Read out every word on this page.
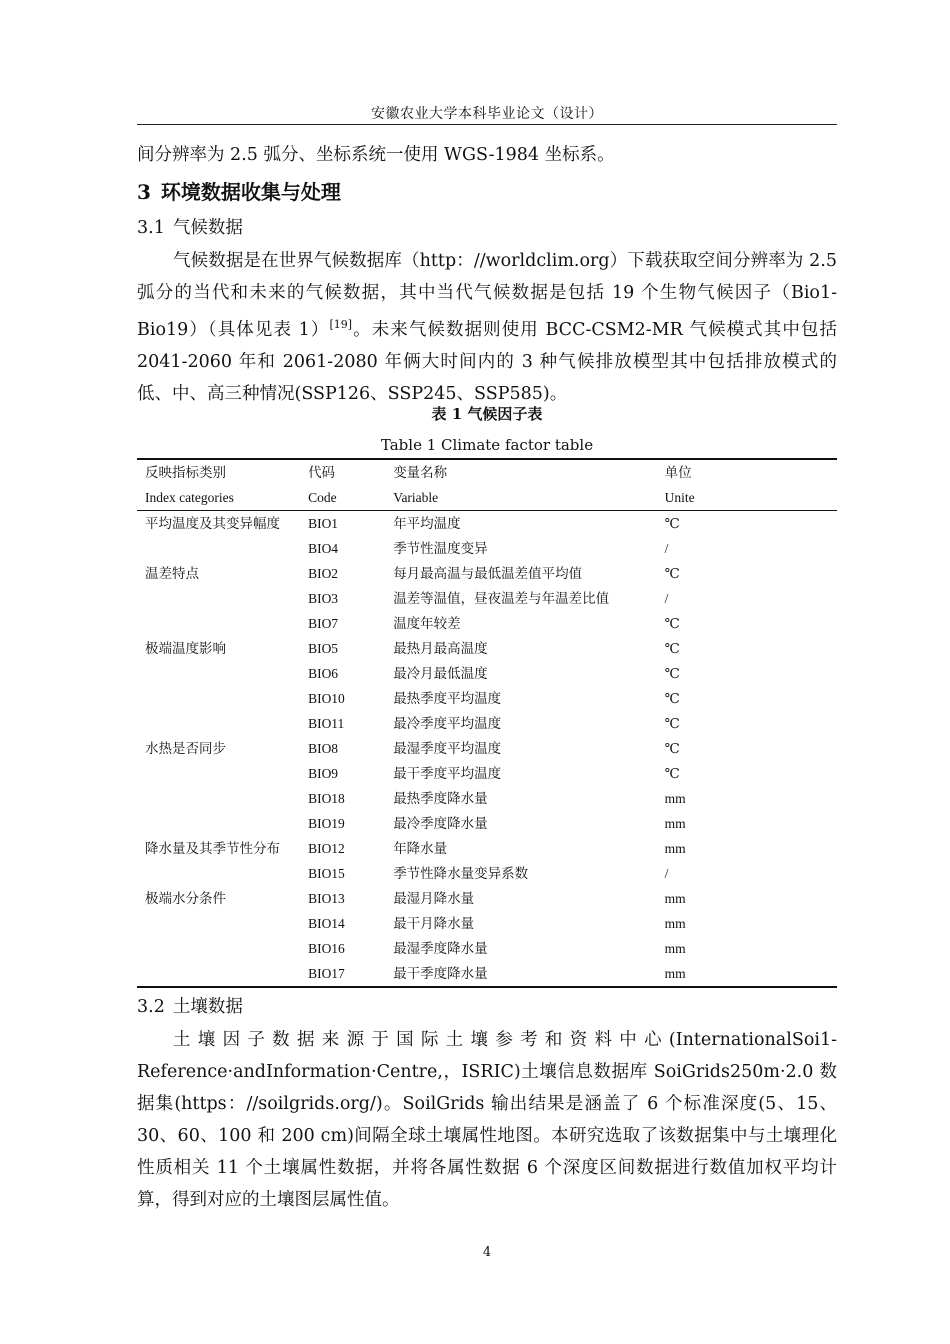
安徽农业大学本科毕业论文（设计）
间分辨率为 2.5 弧分、坐标系统一使用 WGS-1984 坐标系。
3 环境数据收集与处理
3.1 气候数据
气候数据是在世界气候数据库（http：//worldclim.org）下载获取空间分辨率为 2.5 弧分的当代和未来的气候数据，其中当代气候数据是包括 19 个生物气候因子（Bio1-Bio19）（具体见表 1）[19]。未来气候数据则使用 BCC-CSM2-MR 气候模式其中包括 2041-2060 年和 2061-2080 年俩大时间内的 3 种气候排放模型其中包括排放模式的低、中、高三种情况(SSP126、SSP245、SSP585)。
表 1 气候因子表
Table 1 Climate factor table
反映指标类别	代码	变量名称	单位
Index categories	Code	Variable	Unite
平均温度及其变异幅度	BIO1	年平均温度	℃
	BIO4	季节性温度变异	/
温差特点	BIO2	每月最高温与最低温差值平均值	℃
	BIO3	温差等温值，昼夜温差与年温差比值	/
	BIO7	温度年较差	℃
极端温度影响	BIO5	最热月最高温度	℃
	BIO6	最冷月最低温度	℃
	BIO10	最热季度平均温度	℃
	BIO11	最冷季度平均温度	℃
水热是否同步	BIO8	最湿季度平均温度	℃
	BIO9	最干季度平均温度	℃
	BIO18	最热季度降水量	mm
	BIO19	最冷季度降水量	mm
降水量及其季节性分布	BIO12	年降水量	mm
	BIO15	季节性降水量变异系数	/
极端水分条件	BIO13	最湿月降水量	mm
	BIO14	最干月降水量	mm
	BIO16	最湿季度降水量	mm
	BIO17	最干季度降水量	mm
3.2 土壤数据
土 壤 因 子 数 据 来 源 于 国 际 土 壤 参 考 和 资 料 中 心 (InternationalSoi1-Reference·andInformation·Centre,，ISRIC)土壤信息数据库 SoiGrids250m·2.0 数据集(https：//soilgrids.org/)。SoilGrids 输出结果是涵盖了 6 个标准深度(5、15、30、60、100 和 200 cm)间隔全球土壤属性地图。本研究选取了该数据集中与土壤理化性质相关 11 个土壤属性数据，并将各属性数据 6 个深度区间数据进行数值加权平均计算，得到对应的土壤图层属性值。
4
